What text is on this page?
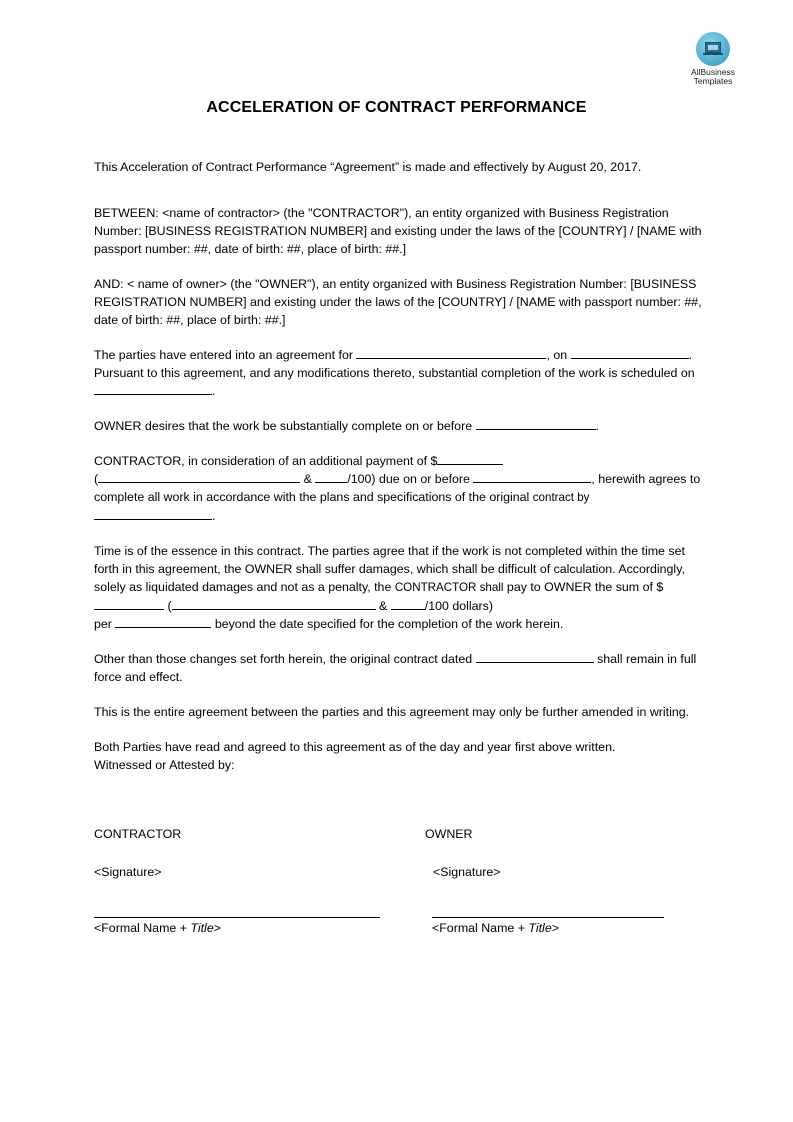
AllBusiness
Templates
ACCELERATION OF CONTRACT PERFORMANCE

This Acceleration of Contract Performance “Agreement” is made and effectively by August 20, 2017.

BETWEEN: <name of contractor> (the "CONTRACTOR"), an entity organized with Business Registration Number: [BUSINESS REGISTRATION NUMBER] and existing under the laws of the [COUNTRY] / [NAME with passport number: ##, date of birth: ##, place of birth: ##.]

AND: < name of owner> (the "OWNER"), an entity organized with Business Registration Number: [BUSINESS REGISTRATION NUMBER] and existing under the laws of the [COUNTRY] / [NAME with passport number: ##, date of birth: ##, place of birth: ##.]

The parties have entered into an agreement for	, on	. Pursuant to this agreement, and any modifications thereto, substantial completion of the work is scheduled on .

OWNER desires that the work be substantially complete on or before	.

CONTRACTOR, in consideration of an additional payment of $
(	&	/100) due on or before	, herewith agrees to complete all work in accordance with the plans and specifications of the original contract by
.

Time is of the essence in this contract. The parties agree that if the work is not completed within the time set forth in this agreement, the OWNER shall suffer damages, which shall be difficult of calculation. Accordingly, solely as liquidated damages and not as a penalty, the CONTRACTOR shall pay to OWNER the sum of $  (	&	/100 dollars)
per	beyond the date specified for the completion of the work herein.

Other than those changes set forth herein, the original contract dated	shall remain in full force and effect.

This is the entire agreement between the parties and this agreement may only be further amended in writing.

Both Parties have read and agreed to this agreement as of the day and year first above written.
Witnessed or Attested by:

CONTRACTOR	OWNER
<Signature>	<Signature>
<Formal Name + Title>	<Formal Name + Title>
